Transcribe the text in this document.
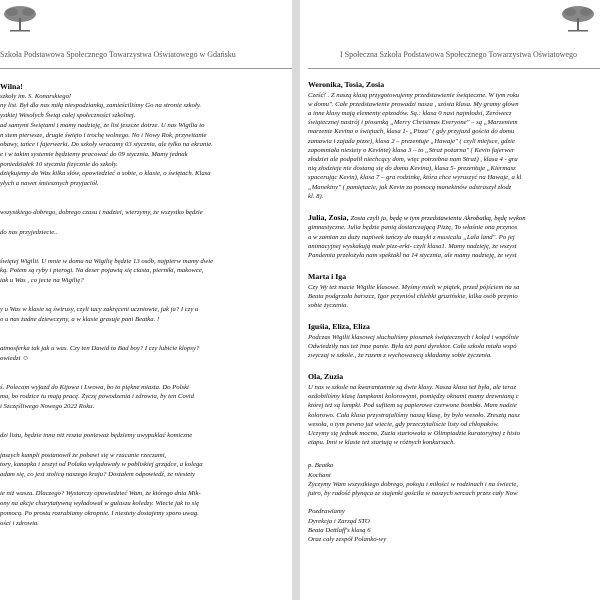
Szkoła Podstawowa Społecznego Towarzystwa Oświatowego w Gdańsku
Wilna!
szkoły im. S. Konarskiego!
ny list. Był dla nas miłą niespodzianką, zamieściliśmy Go na stronie szkoły.
ystkiej Wesołych Świąt całej społeczności szkolnej.
ad samymi Świętami i mamy nadzieję, że list jeszcze dotrze. U nas Wigilia to
n stem pierwsze, drugie święto i trochę wolnego. No i Nowy Rok, przywitanie
obawy, tańce i fajerwerki. Do szkoły wracamy 03 stycznia, ale tylko na ekranie.
e i w takim systemie będziemy pracować do 09 stycznia. Mamy jednak
poniedziałek 10 stycznia fizycznie do szkoły.
dziękujemy do Was kilka słów, opowiedzieć o sobie, o klasie, o świętach. Klasa
yłych a nawet śmiesznych przyjaciół.
wszystkiego dobrego, dobrego czasu i nadziei, wierzymy, że wszystko będzie
do nas przyjedziecie..
świętej Wigilii. U mnie w domu na Wigilię będzie 13 osób, najpierw mamy dwie
ką. Potem są ryby i pierogi. Na deser pojawią się ciasta, pierniki, makowce,
iak u Was , co jecie na Wigilię?
y u Was w klasie są świrusy, czyli tacy zakręceni uczniowie, jak ja? I czy u
o u nas żadne dziewczyny, a w klasie grasuje pani Beatka. !
atmosferka tak jak u was. Czy ten Dawid to Bad boy? I czy lubicie klopsy?
owiedzi ☺
ś. Polecam wyjazd do Kijowa i Lwowa, bo to piękne miasta. Do Polski
ma, bo rodzice tu mają pracę. Życzę powodzenia i zdrowia, by ten Covid
i Szczęśliwego Nowego 2022 Roku.
dzi listu, będzie inna niż reszta ponieważ będziemy uwypuklać komiczne
jaszych kumpli postanowił że pobawi się w rzucanie rzeczami,
tory, kanapka i zeszyt od Polaka wylądowały w pobliskiej grządce, a kolega
adam się, co jest stolicą naszego kraju? Dostałem odpowiedź, że niestety
ie niż wasza. Dlaczego? Wystarczy opowiedzieć Wam, że którego dnia Mik-
ony na akcje charytatywną wyładował w gulaszu koledzy. Wiecie jak to się
pomocą. Po prostu rozrabiamy okropnie. I niestety dostajemy sporo uwag.
ości i zdrowia.
I Społeczna Szkoła Podstawowa Społecznego Towarzystwa Oświatowego
Weronika, Tosia, Zosia
Cześć! . Z naszą klasą przygotowujemy przedstawienie świąteczne. W tym roku
w domu". Całe przedstawienie prowadzi nasza , szósta klasa. My gramy główn
a inne klasy mają elementy epizodów. Są.: klasa 0 nasi najmłodsi, Zerówecz
świątecznej nastrój i piosenką „Merry Christmas Everyone" – są „Marzeniem
marzenie Kevina o świętach, klasa 1- „Pizza" ( gdy przyjazd gościa do domu
zamawia i zajada pizze), klasa 2 – prezentuje „Hawaje" ( czyli miejsce, gdzie
zapomniała niestety o Kevinie) klasa 3 – to „Straż pożarna" ( Kevin fajerwer
złodziei ale podpalił niechcący dom, więc potrzebna nam Straż) , klasa 4 - gra
nią złodzieje nie dostaną się do domu Kevina), klasa 5- prezentuje „Kiermasz
spacerując Kevin), klasa 7 – gra rodzinkę, która chce wyruszyć na Hawaje, a kl
„Manekiny" ( pamiętacie, jak Kevin za pomocą manekinów odstraszył złodz
kl. 8).
Julia, Zosia, Zosia czyli ja, będę w tym przedstawieniu Akrobatką, będę wykon
gimnastyczne. Julia będzie panią dostarczającą Pizzę, To właśnie ona przynos
a w zamian za duży napiwek tańczy do muzyki z musicalu „Lala land". Po jej
animacyjnej wyskakują małe pizz-erki- czyli klasa1. Mamy nadzieję, że wszyst
Pandemia przełożyła nam spektakl na 14 stycznia, ale mamy nadzieję, że wyst
Marta i Iga
Czy Wy też macie Wigilie klasowe. Myśmy mieli w piątek, przed pójściem na sa
Beata podgrzała barszcz, Igor przyniósł chlebki gruzińskie, kilka osób przynio
sobie życzenia.
Iguśia, Eliza, Eliza
Podczas Wigilii klasowej słuchaliśmy piosenek świątecznych i kolęd i wspólnie
Odwiedziły nas też inne panie. Była też pani dyrektor. Cała szkoła miała wspó
zwyczaj w szkole., że razem z wychowawcą składamy sobie życzenia.
Ola, Zuzia
U nas w szkole na kwarantannie są dwie klasy. Nasza klasa też była, ale teraz
ozdobiliśmy klasę lampkami kolorowymi, pomiędzy oknami mamy drewnianą c
której też są lampki. Pod sufitem są papierowe czerwone bombki. Mam nadzie
kolorowo. Cała klasa przystrajaliśmy naszą klasę, by było wesoło. Zresztą nasz
wesoła, o tym pewno już wiecie, gdy przeczytaliście listy od chłopaków.
Uczymy się jednak mocno, Zuzia startowała w Olimpiadzie kuratoryjnej z histo
etapu. Inni w klasie też startują w różnych konkursach.
p. Beatka
Kochani
Życzymy Wam wszystkiego dobrego, pokoju i miłości w rodzinach i na świecie,
jutro, by radość płynąca ze stajenki gościła w naszych sercach przez cały Now
Pozdrawiamy
Dyrekcja i Zarząd STO
Beata Dettlaff's klasą 6
Oraz cały zespół Polanko-wy
